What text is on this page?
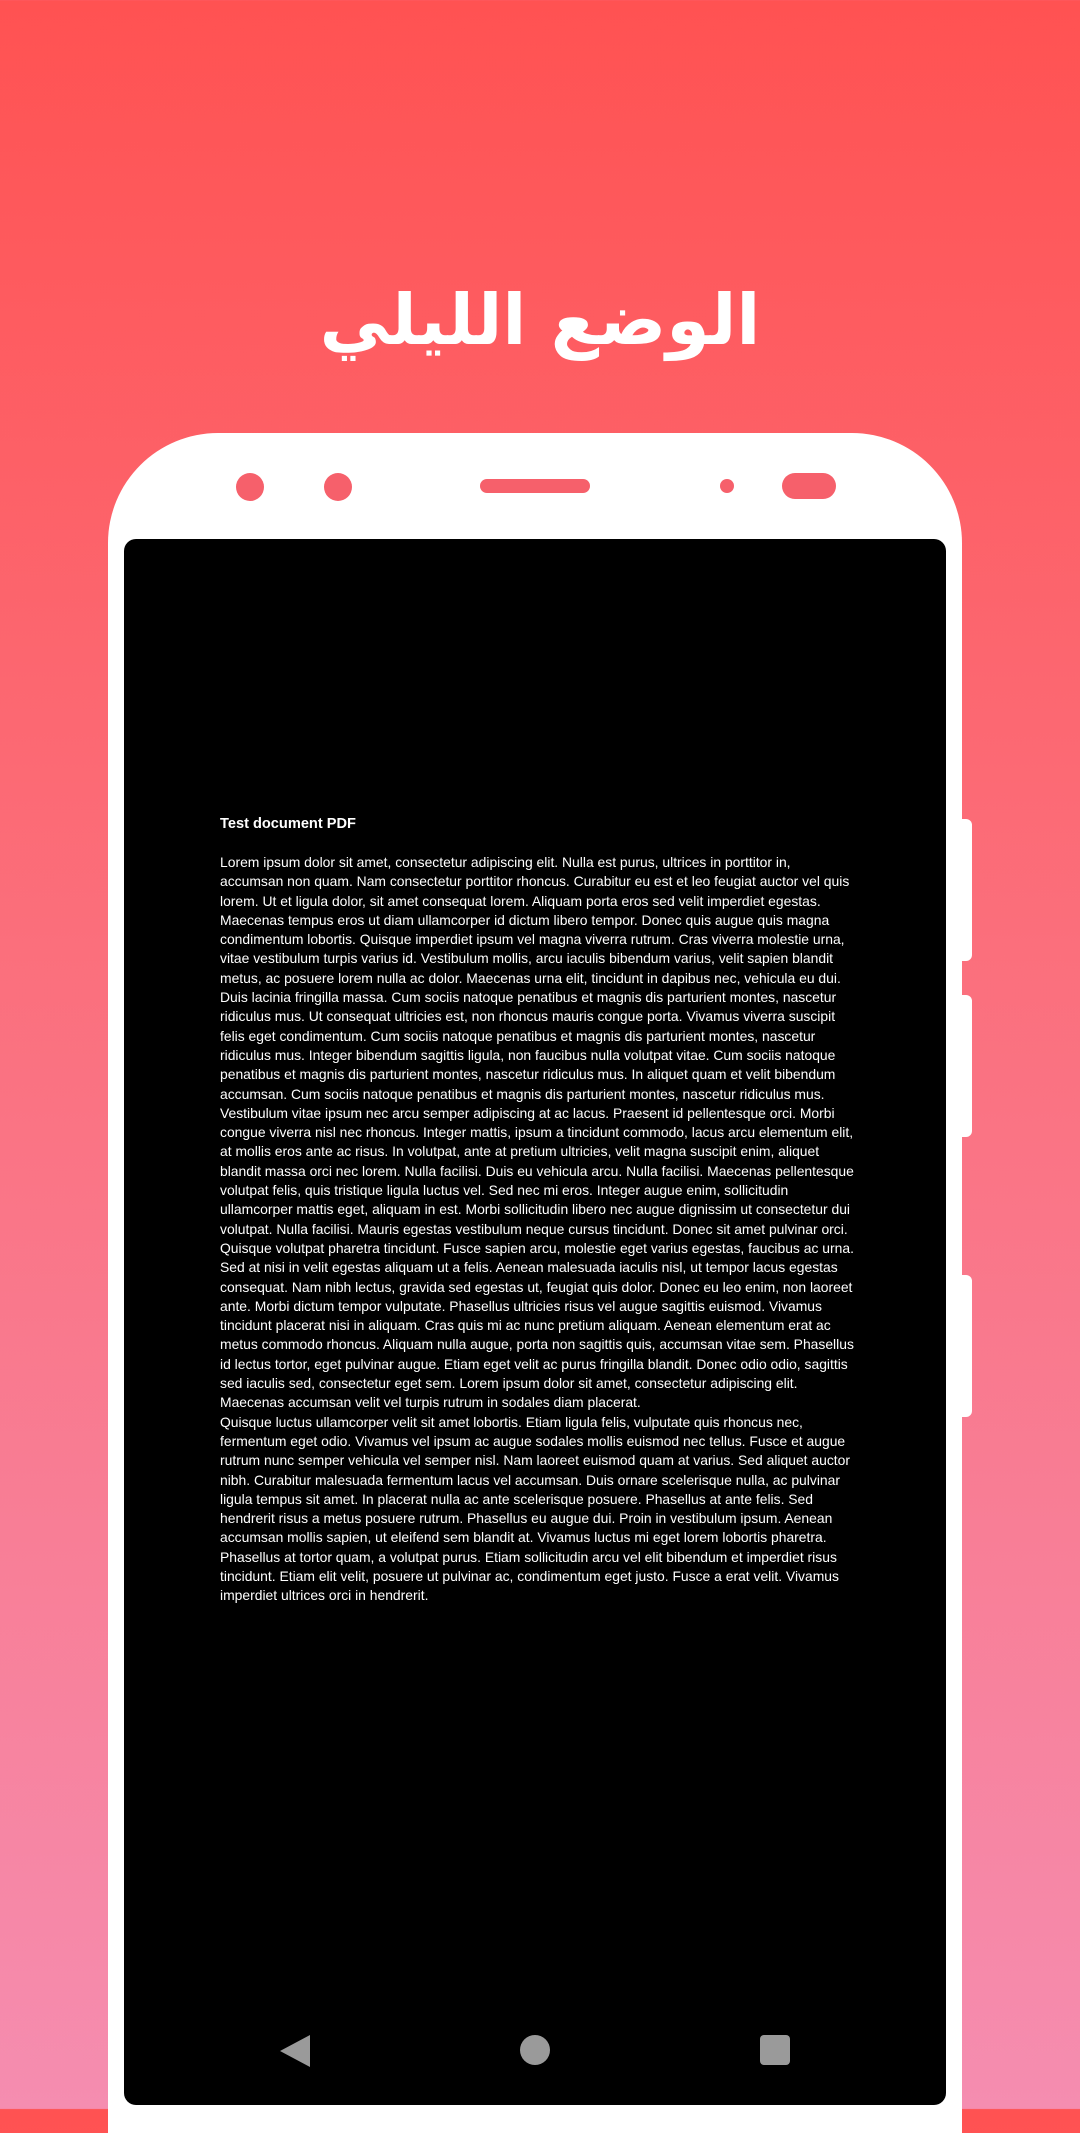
الوضع الليلي

Test document PDF

Lorem ipsum dolor sit amet, consectetur adipiscing elit. Nulla est purus, ultrices in porttitor in, accumsan non quam. Nam consectetur porttitor rhoncus. Curabitur eu est et leo feugiat auctor vel quis lorem. Ut et ligula dolor, sit amet consequat lorem. Aliquam porta eros sed velit imperdiet egestas. Maecenas tempus eros ut diam ullamcorper id dictum libero tempor. Donec quis augue quis magna condimentum lobortis. Quisque imperdiet ipsum vel magna viverra rutrum. Cras viverra molestie urna, vitae vestibulum turpis varius id. Vestibulum mollis, arcu iaculis bibendum varius, velit sapien blandit metus, ac posuere lorem nulla ac dolor. Maecenas urna elit, tincidunt in dapibus nec, vehicula eu dui. Duis lacinia fringilla massa. Cum sociis natoque penatibus et magnis dis parturient montes, nascetur ridiculus mus. Ut consequat ultricies est, non rhoncus mauris congue porta. Vivamus viverra suscipit felis eget condimentum. Cum sociis natoque penatibus et magnis dis parturient montes, nascetur ridiculus mus. Integer bibendum sagittis ligula, non faucibus nulla volutpat vitae. Cum sociis natoque penatibus et magnis dis parturient montes, nascetur ridiculus mus. In aliquet quam et velit bibendum accumsan. Cum sociis natoque penatibus et magnis dis parturient montes, nascetur ridiculus mus. Vestibulum vitae ipsum nec arcu semper adipiscing at ac lacus. Praesent id pellentesque orci. Morbi congue viverra nisl nec rhoncus. Integer mattis, ipsum a tincidunt commodo, lacus arcu elementum elit, at mollis eros ante ac risus. In volutpat, ante at pretium ultricies, velit magna suscipit enim, aliquet blandit massa orci nec lorem. Nulla facilisi. Duis eu vehicula arcu. Nulla facilisi. Maecenas pellentesque volutpat felis, quis tristique ligula luctus vel. Sed nec mi eros. Integer augue enim, sollicitudin ullamcorper mattis eget, aliquam in est. Morbi sollicitudin libero nec augue dignissim ut consectetur dui volutpat. Nulla facilisi. Mauris egestas vestibulum neque cursus tincidunt. Donec sit amet pulvinar orci.

Quisque volutpat pharetra tincidunt. Fusce sapien arcu, molestie eget varius egestas, faucibus ac urna. Sed at nisi in velit egestas aliquam ut a felis. Aenean malesuada iaculis nisl, ut tempor lacus egestas consequat. Nam nibh lectus, gravida sed egestas ut, feugiat quis dolor. Donec eu leo enim, non laoreet ante. Morbi dictum tempor vulputate. Phasellus ultricies risus vel augue sagittis euismod. Vivamus tincidunt placerat nisi in aliquam. Cras quis mi ac nunc pretium aliquam. Aenean elementum erat ac metus commodo rhoncus. Aliquam nulla augue, porta non sagittis quis, accumsan vitae sem. Phasellus id lectus tortor, eget pulvinar augue. Etiam eget velit ac purus fringilla blandit. Donec odio odio, sagittis sed iaculis sed, consectetur eget sem. Lorem ipsum dolor sit amet, consectetur adipiscing elit. Maecenas accumsan velit vel turpis rutrum in sodales diam placerat.

Quisque luctus ullamcorper velit sit amet lobortis. Etiam ligula felis, vulputate quis rhoncus nec, fermentum eget odio. Vivamus vel ipsum ac augue sodales mollis euismod nec tellus. Fusce et augue rutrum nunc semper vehicula vel semper nisl. Nam laoreet euismod quam at varius. Sed aliquet auctor nibh. Curabitur malesuada fermentum lacus vel accumsan. Duis ornare scelerisque nulla, ac pulvinar ligula tempus sit amet. In placerat nulla ac ante scelerisque posuere. Phasellus at ante felis. Sed hendrerit risus a metus posuere rutrum. Phasellus eu augue dui. Proin in vestibulum ipsum. Aenean accumsan mollis sapien, ut eleifend sem blandit at. Vivamus luctus mi eget lorem lobortis pharetra. Phasellus at tortor quam, a volutpat purus. Etiam sollicitudin arcu vel elit bibendum et imperdiet risus tincidunt. Etiam elit velit, posuere ut pulvinar ac, condimentum eget justo. Fusce a erat velit. Vivamus imperdiet ultrices orci in hendrerit.
